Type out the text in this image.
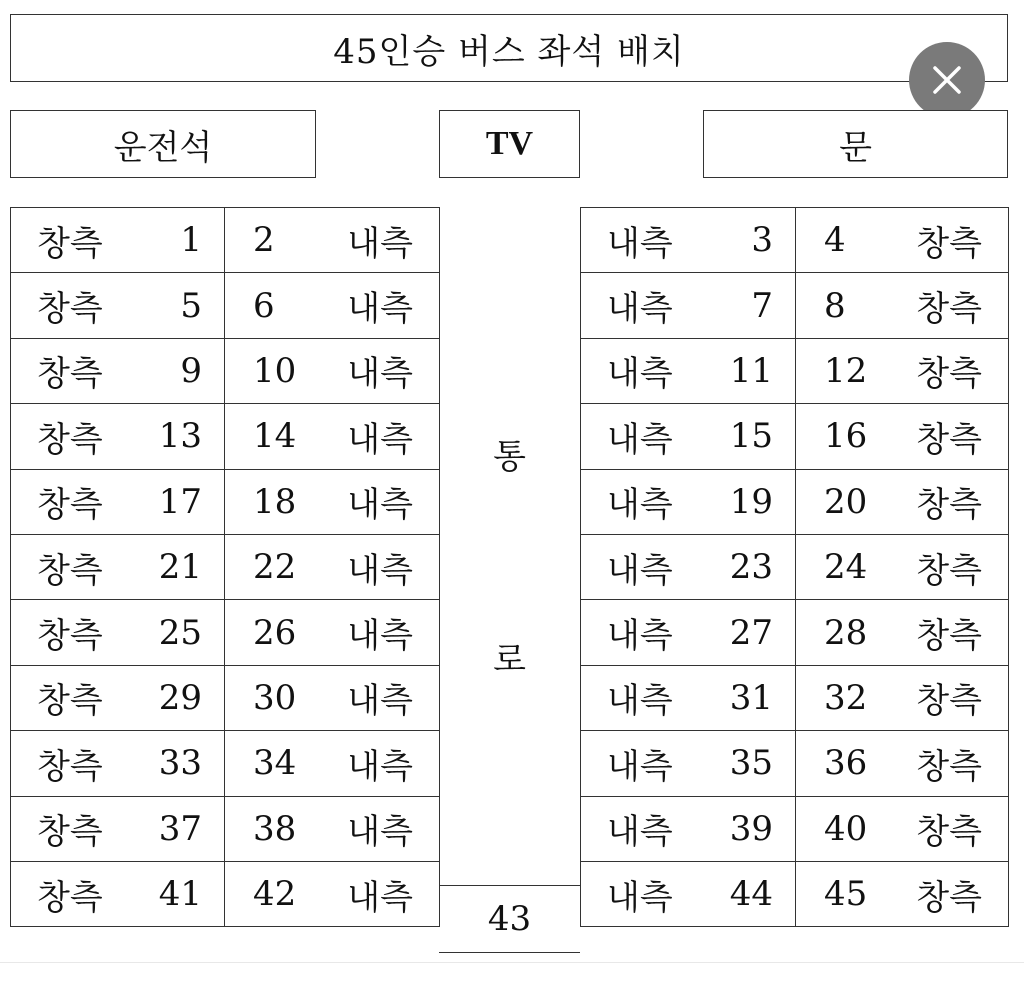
45인승 버스 좌석 배치
운전석	TV	문
창측 1	2 내측

창측 5	6 내측

창측 9	10 내측

창측 13	14 내측

창측 17	18 내측

창측 21	22 내측

창측 25	26 내측

창측 29	30 내측

창측 33	34 내측

창측 37	38 내측

창측 41	42 내측
통
로
43
내측 3	4 창측

내측 7	8 창측

내측 11	12 창측

내측 15	16 창측

내측 19	20 창측

내측 23	24 창측

내측 27	28 창측

내측 31	32 창측

내측 35	36 창측

내측 39	40 창측

내측 44	45 창측
